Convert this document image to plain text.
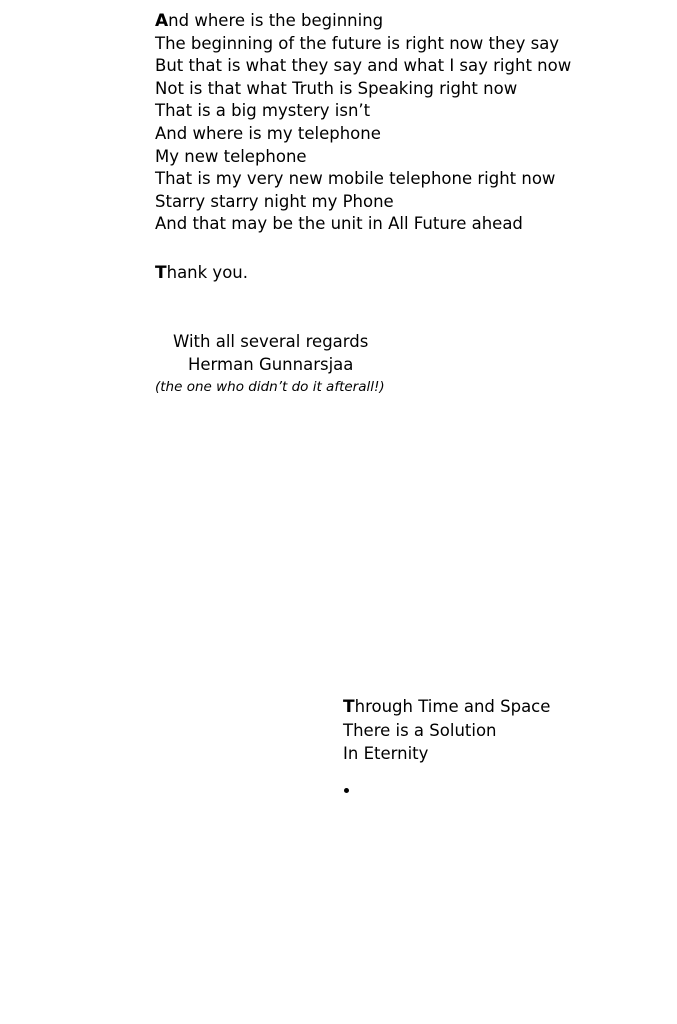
And where is the beginning
The beginning of the future is right now they say
But that is what they say and what I say right now
Not is that what Truth is Speaking right now
That is a big mystery isn’t
And where is my telephone
My new telephone
That is my very new mobile telephone right now
Starry starry night my Phone
And that may be the unit in All Future ahead
Thank you.
With all several regards
Herman Gunnarsjaa
(the one who didn’t do it afterall!)
Through Time and Space
There is a Solution
In Eternity
